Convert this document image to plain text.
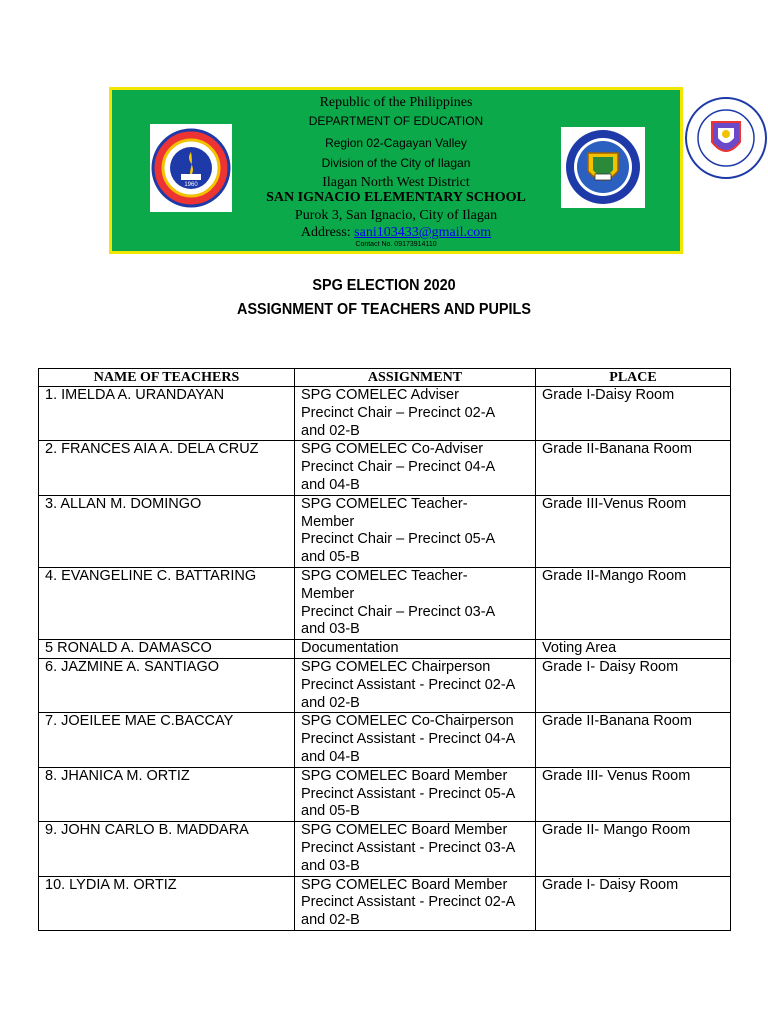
1960
Republic of the Philippines
DEPARTMENT OF EDUCATION
Region 02-Cagayan Valley
Division of the City of Ilagan
Ilagan North West District
SAN IGNACIO ELEMENTARY SCHOOL
Purok 3, San Ignacio, City of Ilagan
Address: sani103433@gmail.com
Contact No. 09173914110
SPG ELECTION 2020
ASSIGNMENT OF TEACHERS AND PUPILS
NAME OF TEACHERS	ASSIGNMENT	PLACE
1. IMELDA A. URANDAYAN	SPG COMELEC Adviser
Precinct Chair – Precinct 02-A
and 02-B	Grade I-Daisy Room
2. FRANCES AIA A. DELA CRUZ	SPG COMELEC Co-Adviser
Precinct Chair – Precinct 04-A
and 04-B	Grade II-Banana Room
3. ALLAN M. DOMINGO	SPG COMELEC Teacher-
Member
Precinct Chair – Precinct 05-A
and 05-B	Grade III-Venus Room
4. EVANGELINE C. BATTARING	SPG COMELEC Teacher-
Member
Precinct Chair – Precinct 03-A
and 03-B	Grade II-Mango Room
5 RONALD A. DAMASCO	Documentation	Voting Area
6. JAZMINE A. SANTIAGO	SPG COMELEC Chairperson
Precinct Assistant - Precinct 02-A
and 02-B	Grade I- Daisy Room
7. JOEILEE MAE C.BACCAY	SPG COMELEC Co-Chairperson
Precinct Assistant - Precinct 04-A
and 04-B	Grade II-Banana Room
8. JHANICA M. ORTIZ	SPG COMELEC Board Member
Precinct Assistant - Precinct 05-A
and 05-B	Grade III- Venus Room
9. JOHN CARLO B. MADDARA	SPG COMELEC Board Member
Precinct Assistant - Precinct 03-A
and 03-B	Grade II- Mango Room
10. LYDIA M. ORTIZ	SPG COMELEC Board Member
Precinct Assistant - Precinct 02-A
and 02-B	Grade I- Daisy Room
